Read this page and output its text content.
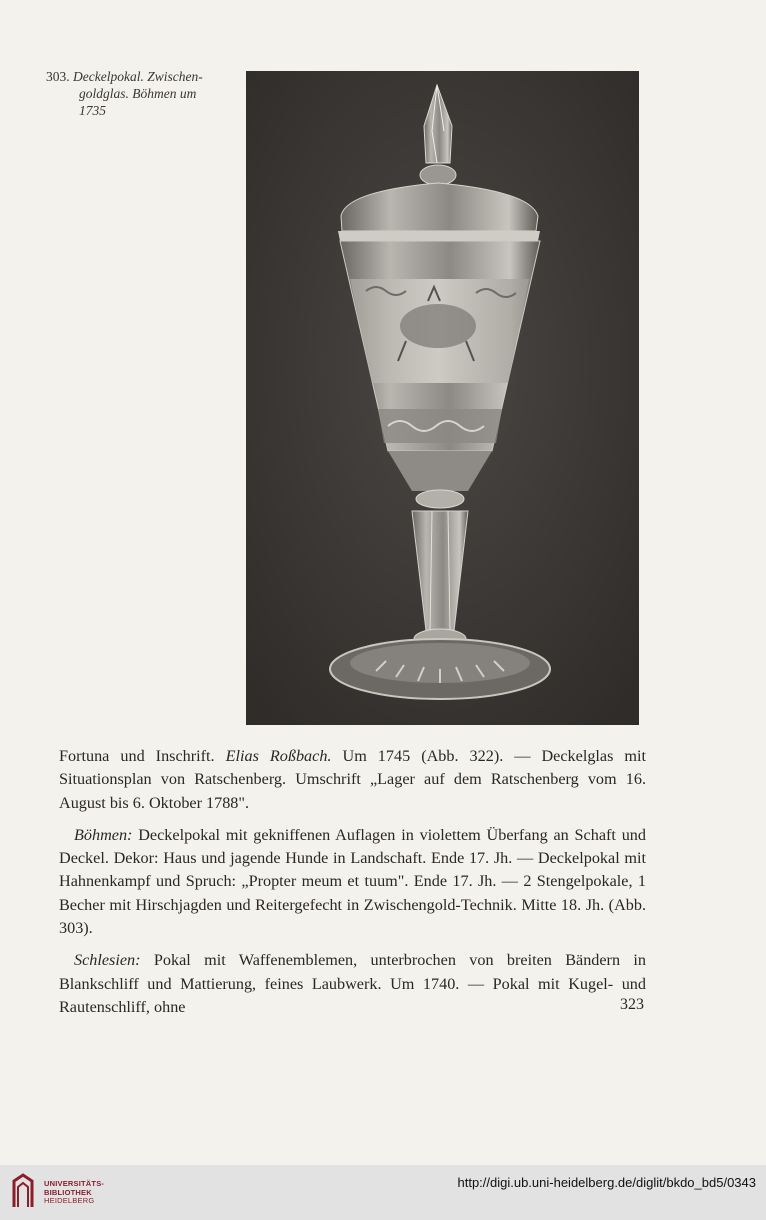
303. Deckelpokal. Zwischen-
goldglas. Böhmen um
1735

Fortuna und Inschrift. Elias Roßbach. Um 1745 (Abb. 322). — Deckelglas mit Situationsplan von Ratschenberg. Umschrift „Lager auf dem Ratschenberg vom 16. August bis 6. Oktober 1788".

Böhmen: Deckelpokal mit gekniffenen Auflagen in violettem Überfang an Schaft und Deckel. Dekor: Haus und jagende Hunde in Landschaft. Ende 17. Jh. — Deckelpokal mit Hahnenkampf und Spruch: „Propter meum et tuum". Ende 17. Jh. — 2 Stengelpokale, 1 Becher mit Hirschjagden und Reitergefecht in Zwischengold-Technik. Mitte 18. Jh. (Abb. 303).

Schlesien: Pokal mit Waffenemblemen, unterbrochen von breiten Bändern in Blankschliff und Mattierung, feines Laubwerk. Um 1740. — Pokal mit Kugel- und Rautenschliff, ohne	323
UNIVERSITÄTS-
BIBLIOTHEK
HEIDELBERG
http://digi.ub.uni-heidelberg.de/diglit/bkdo_bd5/0343
